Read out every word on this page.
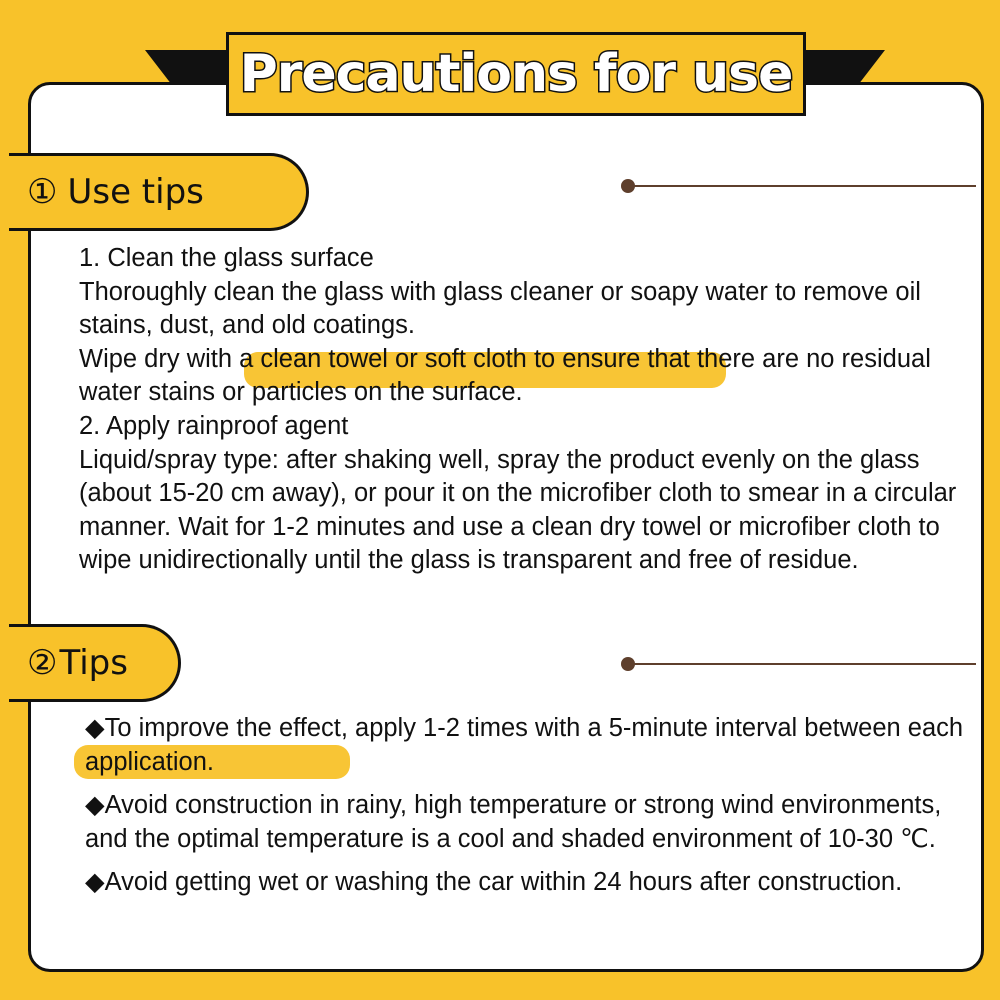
Precautions for use
① Use tips

1. Clean the glass surface

Thoroughly clean the glass with glass cleaner or soapy water to remove oil stains, dust, and old coatings.

Wipe dry with a clean towel or soft cloth to ensure that there are no residual water stains or particles on the surface.

2. Apply rainproof agent

Liquid/spray type: after shaking well, spray the product evenly on the glass (about 15-20 cm away), or pour it on the microfiber cloth to smear in a circular manner. Wait for 1-2 minutes and use a clean dry towel or microfiber cloth to wipe unidirectionally until the glass is transparent and free of residue.

② Tips

◆To improve the effect, apply 1-2 times with a 5-minute interval between each application.

◆Avoid construction in rainy, high temperature or strong wind environments, and the optimal temperature is a cool and shaded environment of 10-30 ℃.

◆Avoid getting wet or washing the car within 24 hours after construction.
